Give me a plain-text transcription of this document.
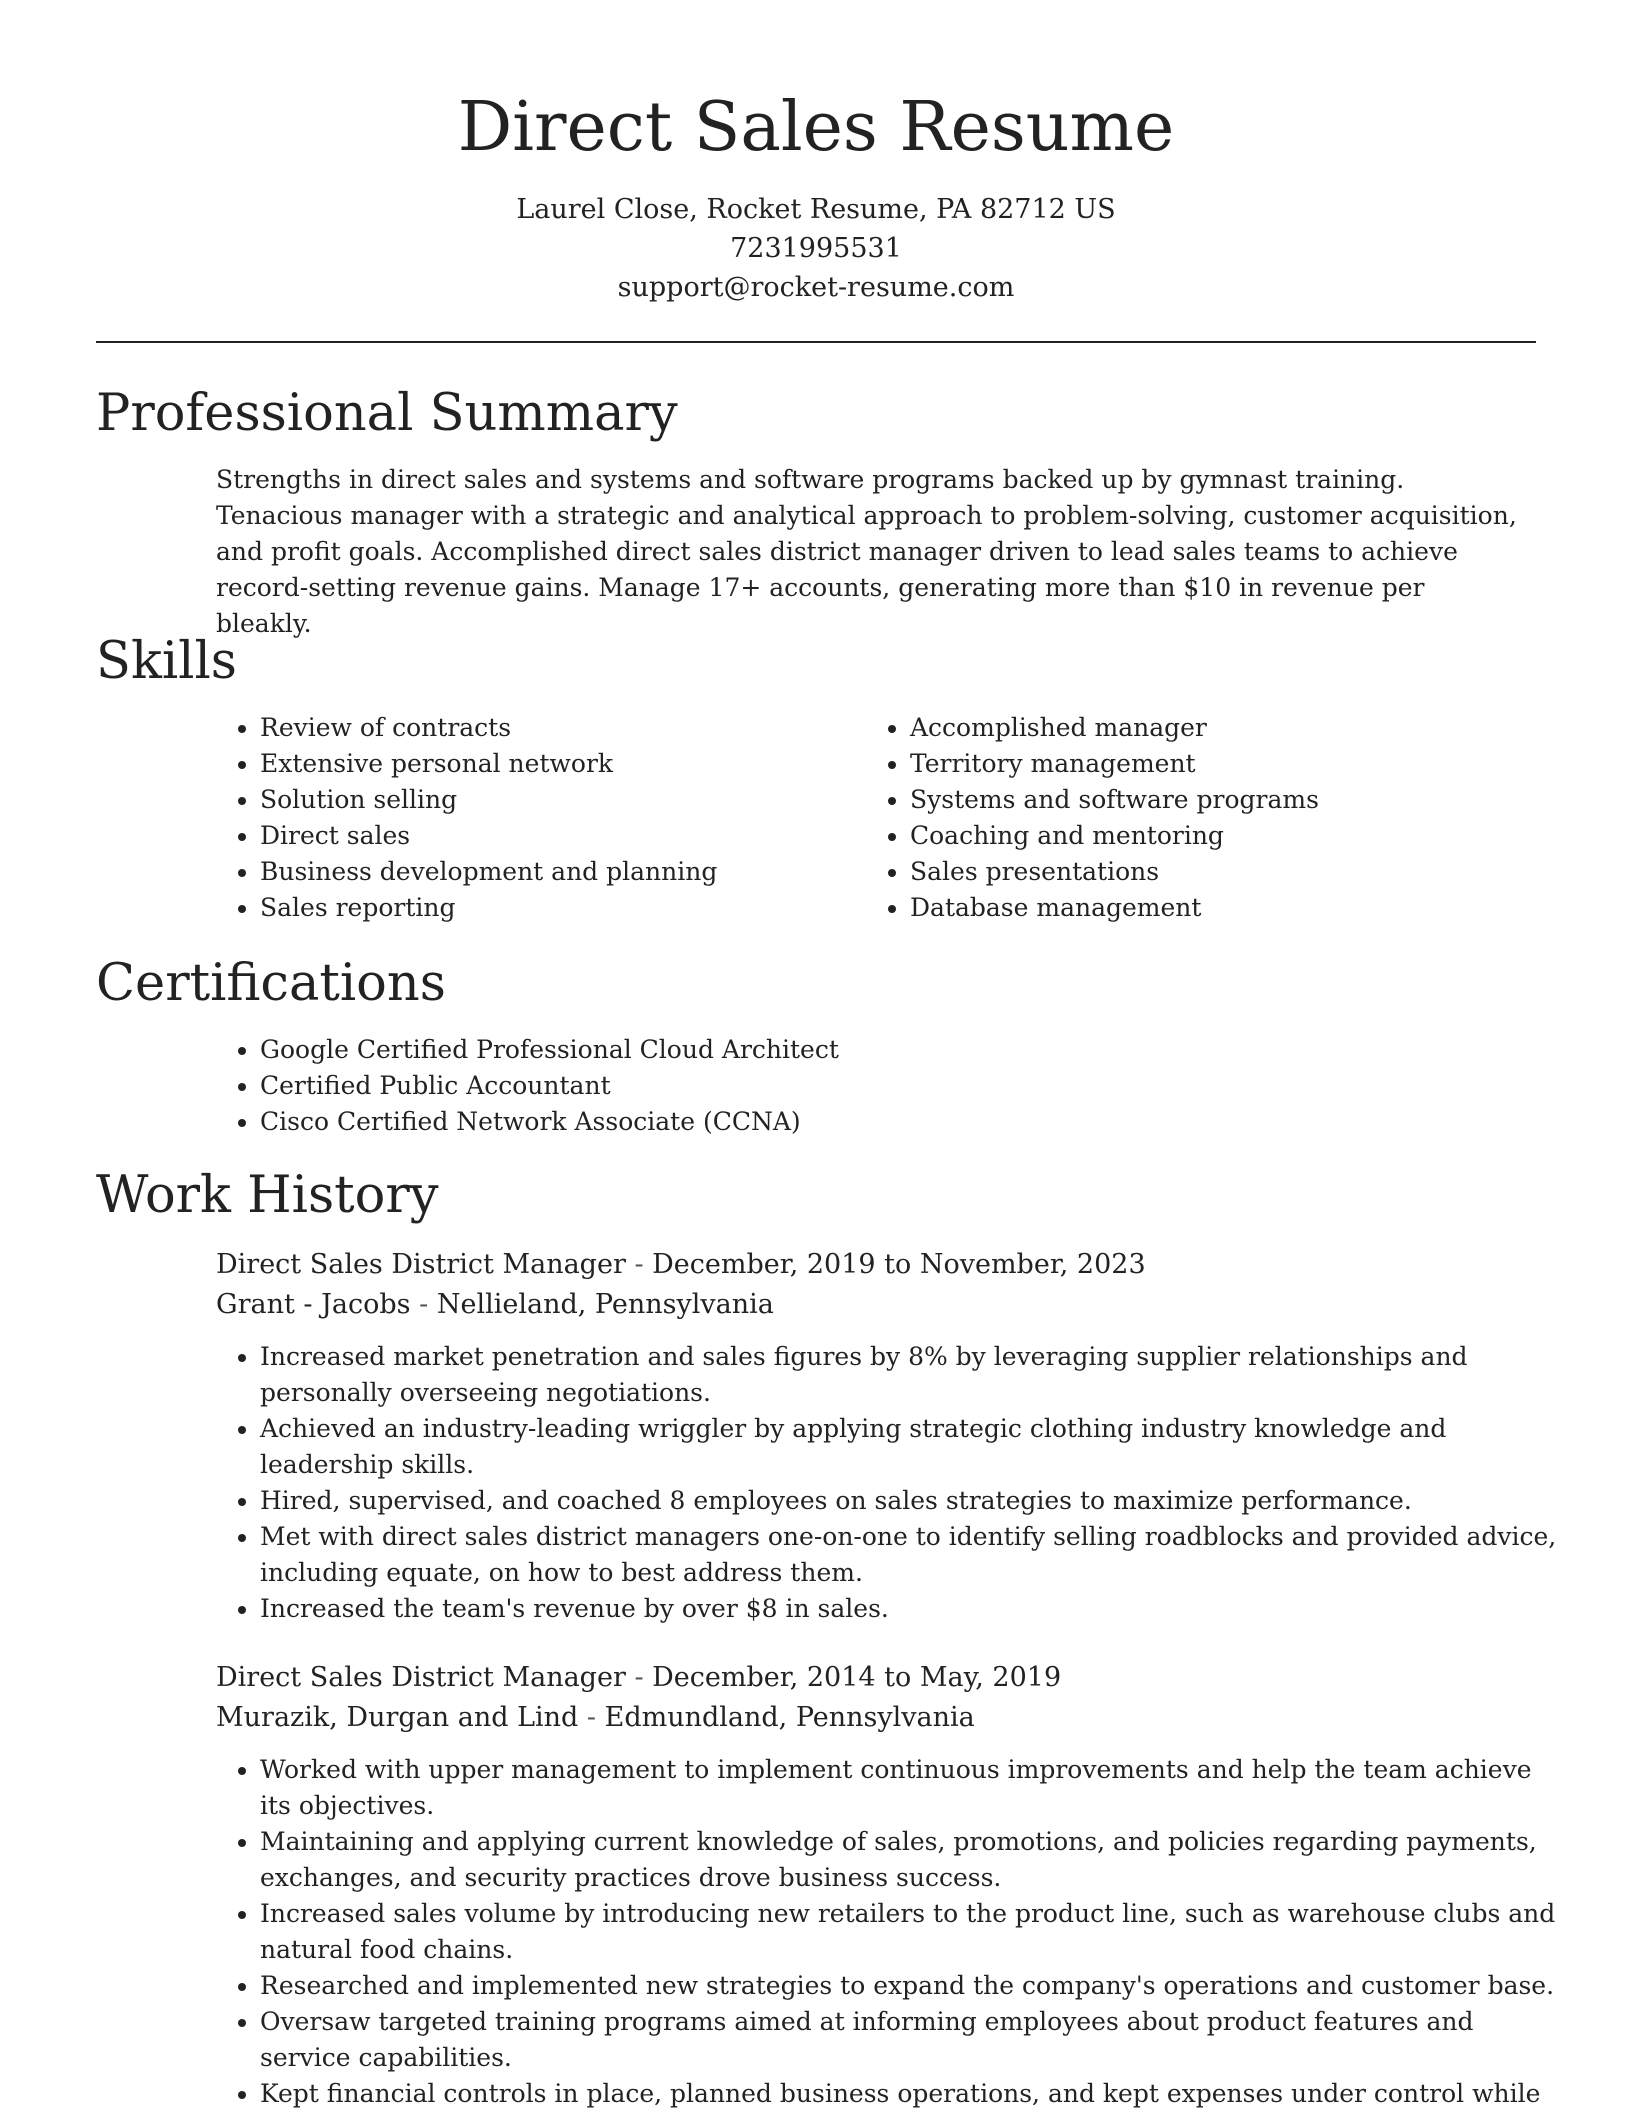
Direct Sales Resume
Laurel Close, Rocket Resume, PA 82712 US
7231995531
support@rocket-resume.com
Professional Summary

Strengths in direct sales and systems and software programs backed up by gymnast training. Tenacious manager with a strategic and analytical approach to problem-solving, customer acquisition, and profit goals. Accomplished direct sales district manager driven to lead sales teams to achieve record-setting revenue gains. Manage 17+ accounts, generating more than $10 in revenue per bleakly.

Skills
• Review of contracts
• Extensive personal network
• Solution selling
• Direct sales
• Business development and planning
• Sales reporting
• Accomplished manager
• Territory management
• Systems and software programs
• Coaching and mentoring
• Sales presentations
• Database management
Certifications
• Google Certified Professional Cloud Architect
• Certified Public Accountant
• Cisco Certified Network Associate (CCNA)
Work History
Direct Sales District Manager - December, 2019 to November, 2023
Grant - Jacobs - Nellieland, Pennsylvania
• Increased market penetration and sales figures by 8% by leveraging supplier relationships and personally overseeing negotiations.
• Achieved an industry-leading wriggler by applying strategic clothing industry knowledge and leadership skills.
• Hired, supervised, and coached 8 employees on sales strategies to maximize performance.
• Met with direct sales district managers one-on-one to identify selling roadblocks and provided advice, including equate, on how to best address them.
• Increased the team's revenue by over $8 in sales.
Direct Sales District Manager - December, 2014 to May, 2019
Murazik, Durgan and Lind - Edmundland, Pennsylvania
• Worked with upper management to implement continuous improvements and help the team achieve its objectives.
• Maintaining and applying current knowledge of sales, promotions, and policies regarding payments, exchanges, and security practices drove business success.
• Increased sales volume by introducing new retailers to the product line, such as warehouse clubs and natural food chains.
• Researched and implemented new strategies to expand the company's operations and customer base.
• Oversaw targeted training programs aimed at informing employees about product features and service capabilities.
• Kept financial controls in place, planned business operations, and kept expenses under control while
